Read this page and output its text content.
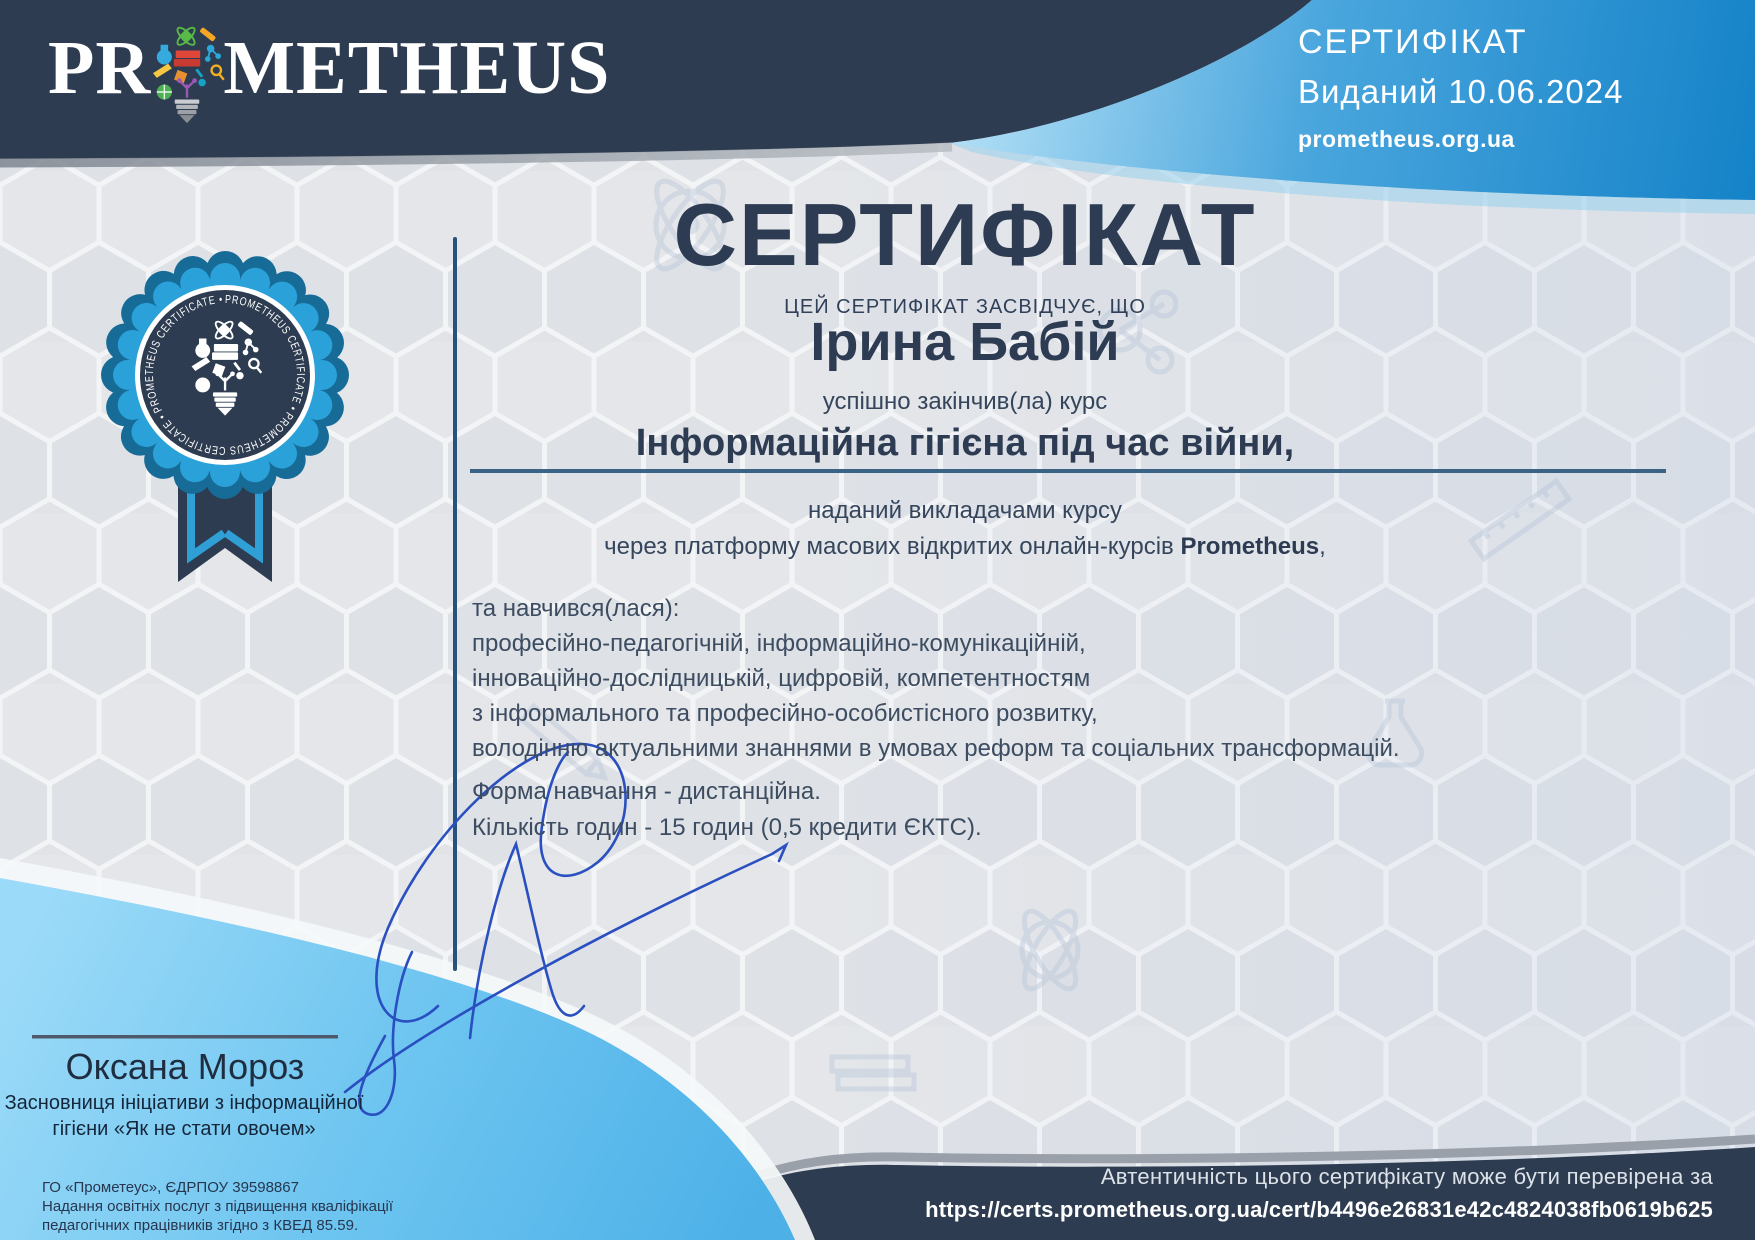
PROMETHEUS CERTIFICATE • PROMETHEUS CERTIFICATE • PROMETHEUS CERTIFICATE •
PR METHEUS	СЕРТИФІКАТ
Виданий 10.06.2024
prometheus.org.ua
СЕРТИФІКАТ
ЦЕЙ СЕРТИФІКАТ ЗАСВІДЧУЄ, ЩО
Ірина Бабій
успішно закінчив(ла) курс
Інформаційна гігієна під час війни,
наданий викладачами курсу
через платформу масових відкритих онлайн-курсів Prometheus,
та навчився(лася):
професійно-педагогічній, інформаційно-комунікаційній,
інноваційно-дослідницькій, цифровій, компетентностям
з інформального та професійно-особистісного розвитку,
володінню актуальними знаннями в умовах реформ та соціальних трансформацій.
Форма навчання - дистанційна.
Кількість годин - 15 годин (0,5 кредити ЄКТС).
Оксана Мороз
Засновниця ініціативи з інформаційної
гігієни «Як не стати овочем»
ГО «Прометеус», ЄДРПОУ 39598867
Надання освітніх послуг з підвищення кваліфікації
педагогічних працівників згідно з КВЕД 85.59.
Автентичність цього сертифікату може бути перевірена за
https://certs.prometheus.org.ua/cert/b4496e26831e42c4824038fb0619b625
